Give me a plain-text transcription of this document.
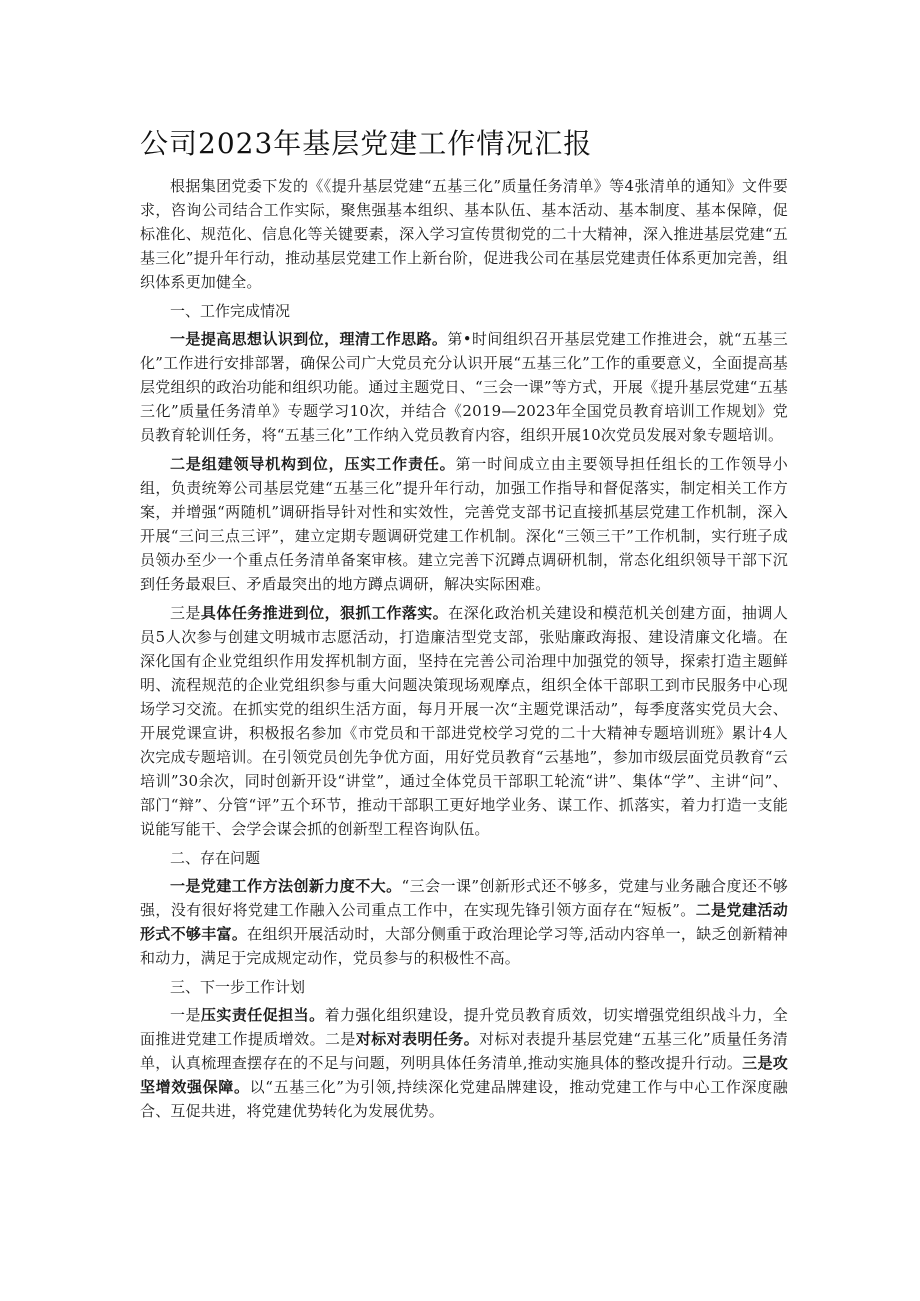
公司2023年基层党建工作情况汇报

根据集团党委下发的《《提升基层党建“五基三化”质量任务清单》等4张清单的通知》文件要求，咨询公司结合工作实际，聚焦强基本组织、基本队伍、基本活动、基本制度、基本保障，促标准化、规范化、信息化等关键要素，深入学习宣传贯彻党的二十大精神，深入推进基层党建“五基三化”提升年行动，推动基层党建工作上新台阶，促进我公司在基层党建责任体系更加完善，组织体系更加健全。

一、工作完成情况

一是提高思想认识到位，理清工作思路。第•时间组织召开基层党建工作推进会，就“五基三化”工作进行安排部署，确保公司广大党员充分认识开展“五基三化”工作的重要意义，全面提高基层党组织的政治功能和组织功能。通过主题党日、“三会一课”等方式，开展《提升基层党建“五基三化”质量任务清单》专题学习10次，并结合《2019—2023年全国党员教育培训工作规划》党员教育轮训任务，将“五基三化”工作纳入党员教育内容，组织开展10次党员发展对象专题培训。

二是组建领导机构到位，压实工作责任。第一时间成立由主要领导担任组长的工作领导小组，负责统筹公司基层党建“五基三化”提升年行动，加强工作指导和督促落实，制定相关工作方案，并增强“两随机”调研指导针对性和实效性，完善党支部书记直接抓基层党建工作机制，深入开展“三问三点三评”，建立定期专题调研党建工作机制。深化“三领三干”工作机制，实行班子成员领办至少一个重点任务清单备案审核。建立完善下沉蹲点调研机制，常态化组织领导干部下沉到任务最艰巨、矛盾最突出的地方蹲点调研，解决实际困难。

三是具体任务推进到位，狠抓工作落实。在深化政治机关建设和模范机关创建方面，抽调人员5人次参与创建文明城市志愿活动，打造廉洁型党支部，张贴廉政海报、建设清廉文化墙。在深化国有企业党组织作用发挥机制方面，坚持在完善公司治理中加强党的领导，探索打造主题鲜明、流程规范的企业党组织参与重大问题决策现场观摩点，组织全体干部职工到市民服务中心现场学习交流。在抓实党的组织生活方面，每月开展一次“主题党课活动”，每季度落实党员大会、开展党课宣讲，积极报名参加《市党员和干部进党校学习党的二十大精神专题培训班》累计4人次完成专题培训。在引领党员创先争优方面，用好党员教育“云基地”，参加市级层面党员教育“云培训”30余次，同时创新开设“讲堂”，通过全体党员干部职工轮流“讲”、集体“学”、主讲“问”、部门“辩”、分管“评”五个环节，推动干部职工更好地学业务、谋工作、抓落实，着力打造一支能说能写能干、会学会谋会抓的创新型工程咨询队伍。

二、存在问题

一是党建工作方法创新力度不大。“三会一课”创新形式还不够多，党建与业务融合度还不够强，没有很好将党建工作融入公司重点工作中，在实现先锋引领方面存在“短板”。二是党建活动形式不够丰富。在组织开展活动时，大部分侧重于政治理论学习等,活动内容单一，缺乏创新精神和动力，满足于完成规定动作，党员参与的积极性不高。

三、下一步工作计划

一是压实责任促担当。着力强化组织建设，提升党员教育质效，切实增强党组织战斗力，全面推进党建工作提质增效。二是对标对表明任务。对标对表提升基层党建“五基三化”质量任务清单，认真梳理查摆存在的不足与问题，列明具体任务清单,推动实施具体的整改提升行动。三是攻坚增效强保障。以“五基三化”为引领,持续深化党建品牌建设，推动党建工作与中心工作深度融合、互促共进，将党建优势转化为发展优势。
